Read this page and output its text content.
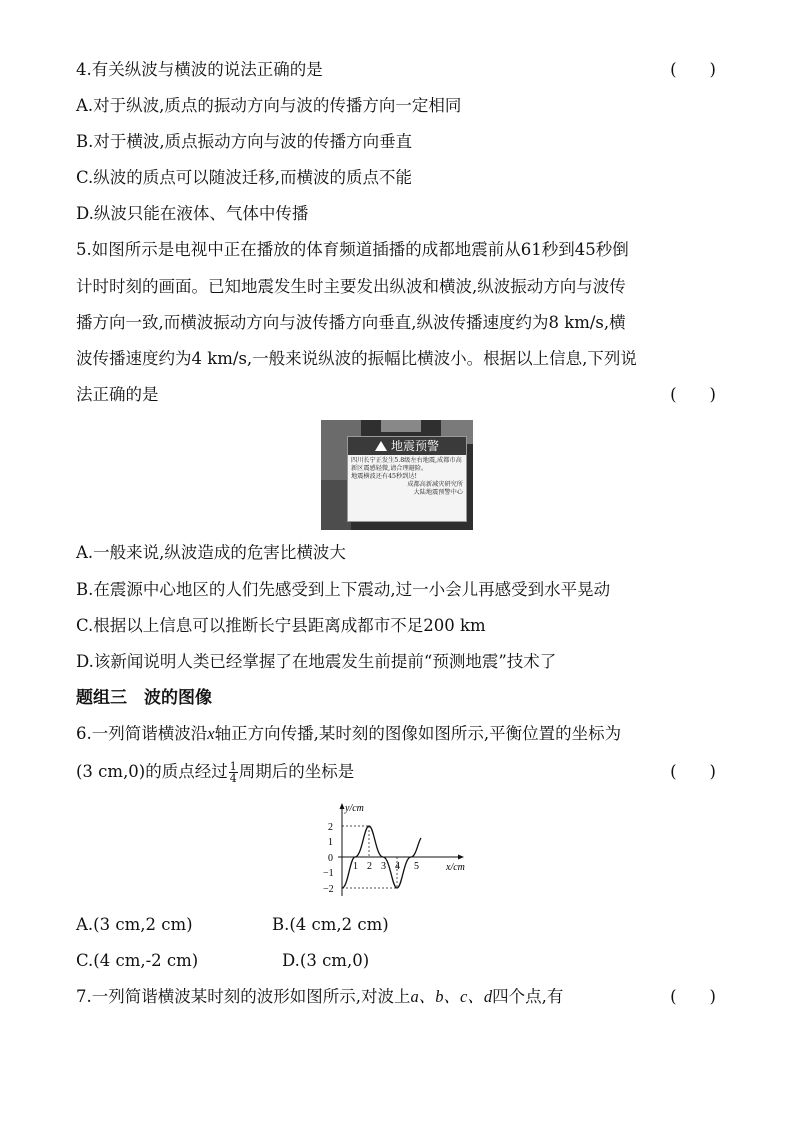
4.有关纵波与横波的说法正确的是	(　　)
A.对于纵波,质点的振动方向与波的传播方向一定相同
B.对于横波,质点振动方向与波的传播方向垂直
C.纵波的质点可以随波迁移,而横波的质点不能
D.纵波只能在液体、气体中传播
5.如图所示是电视中正在播放的体育频道插播的成都地震前从61秒到45秒倒
计时时刻的画面。已知地震发生时主要发出纵波和横波,纵波振动方向与波传
播方向一致,而横波振动方向与波传播方向垂直,纵波传播速度约为8 km/s,横
波传播速度约为4 km/s,一般来说纵波的振幅比横波小。根据以上信息,下列说
法正确的是	(　　)
地震预警
四川长宁正发生5.8级左右地震,成都市高新区震感轻微,请合理避险。
地震横波还有45秒到达!
成都高新减灾研究所
大陆地震预警中心
A.一般来说,纵波造成的危害比横波大
B.在震源中心地区的人们先感受到上下震动,过一小会儿再感受到水平晃动
C.根据以上信息可以推断长宁县距离成都市不足200 km
D.该新闻说明人类已经掌握了在地震发生前提前“预测地震”技术了
题组三　波的图像
6.一列简谐横波沿x轴正方向传播,某时刻的图像如图所示,平衡位置的坐标为
(3 cm,0)的质点经过 $\frac{1}{4}$ 周期后的坐标是	(　　)
y/cm
x/cm
2
1
0
−1
−2
1 2 3 4 5
A.(3 cm,2 cm)	B.(4 cm,2 cm)
C.(4 cm,-2 cm)	D.(3 cm,0)
7.一列简谐横波某时刻的波形如图所示,对波上a、b、c、d四个点,有	(　　)
